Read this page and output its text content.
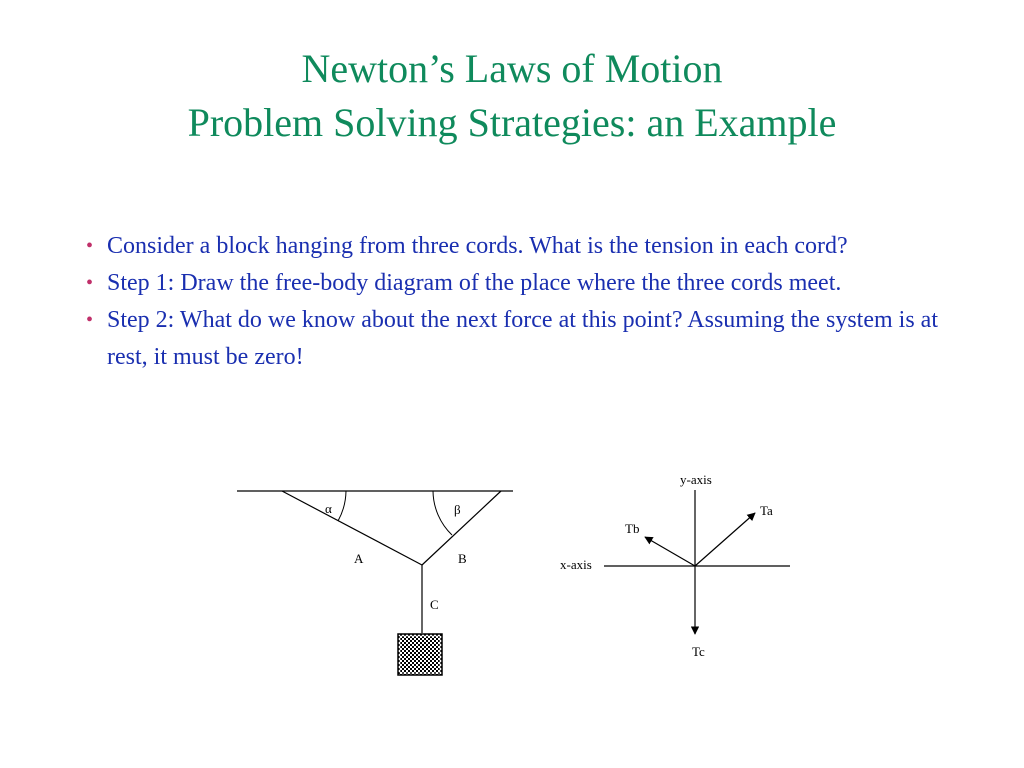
Newton’s Laws of Motion
Problem Solving Strategies: an Example
• Consider a block hanging from three cords. What is the tension in each cord?
• Step 1: Draw the free-body diagram of the place where the three cords meet.
• Step 2: What do we know about the next force at this point? Assuming the system is at rest, it must be zero!
α	β
A	B
C
y-axis
x-axis
Ta
Tb
Tc
